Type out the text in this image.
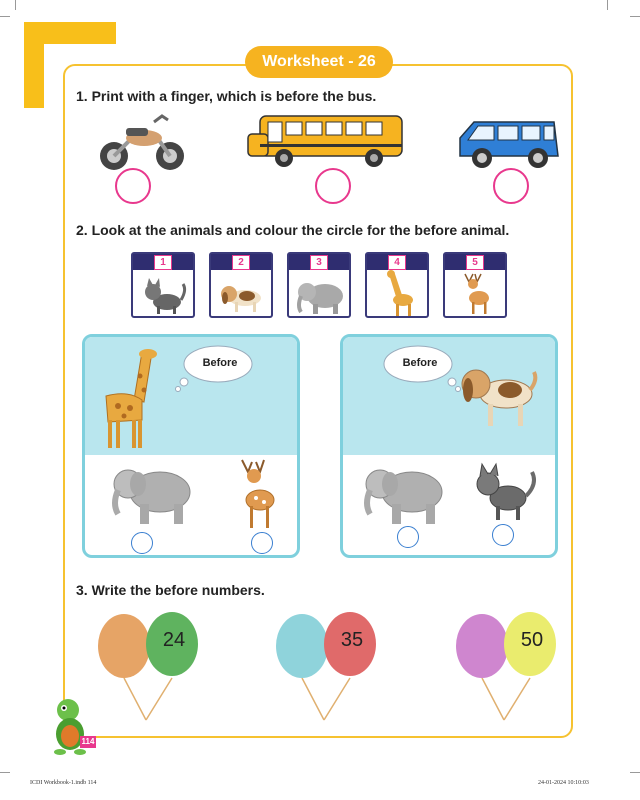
Worksheet - 26
1. Print with a finger, which is before the bus.
2. Look at the animals and colour the circle for the before animal.
1	2	3	4	5
Before	Before
3. Write the before numbers.
24	35	50
114
ICDI Workbook-1.indb 114	24-01-2024 10:10:03
